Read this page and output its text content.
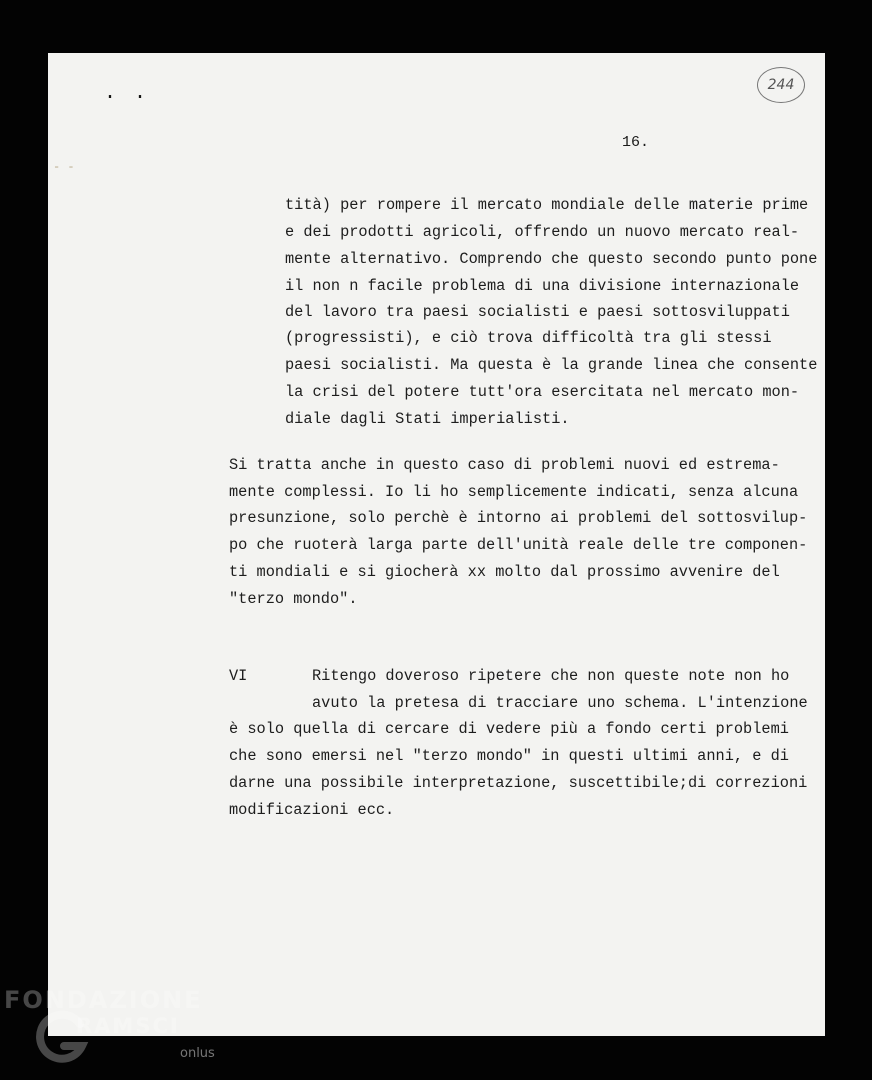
. .
- -
244
16.
tità) per rompere il mercato mondiale delle materie prime
e dei prodotti agricoli, offrendo un nuovo mercato real-
mente alternativo. Comprendo che questo secondo punto pone
il non n facile problema di una divisione internazionale
del lavoro tra paesi socialisti e paesi sottosviluppati
(progressisti), e ciò trova difficoltà tra gli stessi
paesi socialisti. Ma questa è la grande linea che consente
la crisi del potere tutt'ora esercitata nel mercato mon-
diale dagli Stati imperialisti.
Si tratta anche in questo caso di problemi nuovi ed estrema-
mente complessi. Io li ho semplicemente indicati, senza alcuna
presunzione, solo perchè è intorno ai problemi del sottosvilup-
po che ruoterà larga parte dell'unità reale delle tre componen-
ti mondiali e si giocherà xx molto dal prossimo avvenire del
"terzo mondo".
VI	Ritengo doveroso ripetere che non queste note non ho
avuto la pretesa di tracciare uno schema. L'intenzione
è solo quella di cercare di vedere più a fondo certi problemi
che sono emersi nel "terzo mondo" in questi ultimi anni, e di
darne una possibile interpretazione, suscettibile;di correzioni
modificazioni ecc.
FONDAZIONE
RAMSCI
onlus
